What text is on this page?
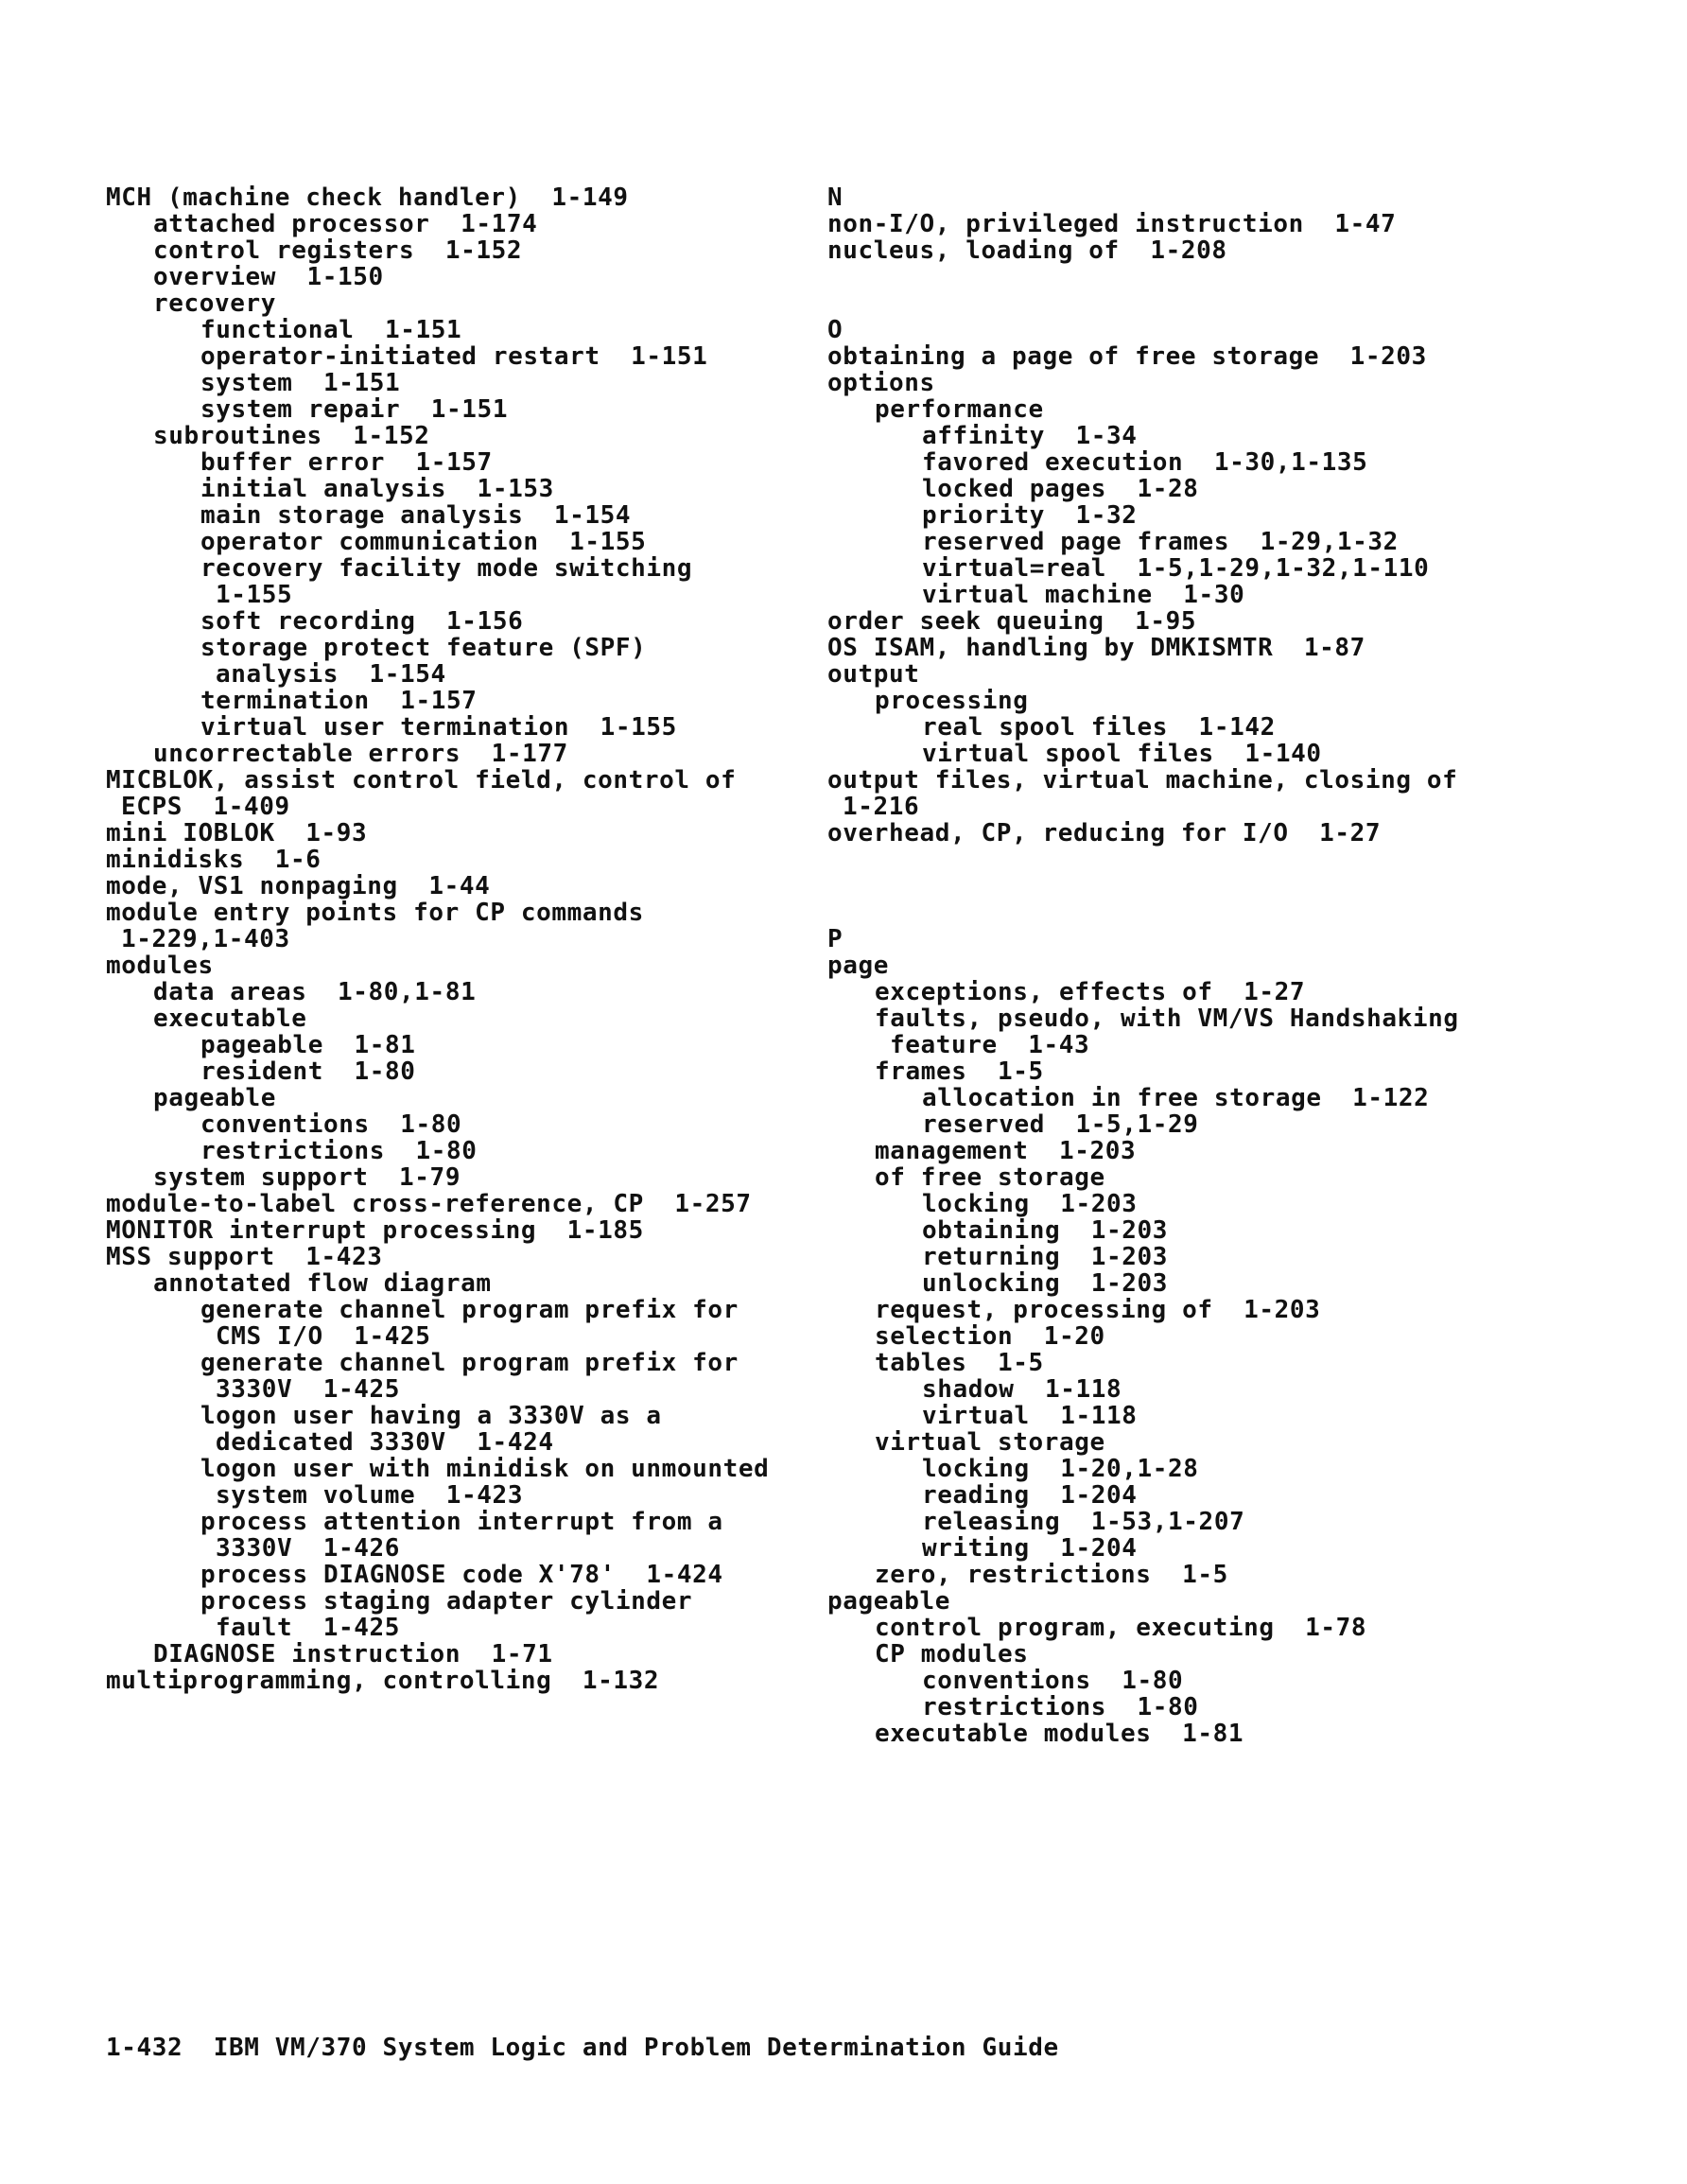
MCH (machine check handler)  1-149
attached processor  1-174
control registers  1-152
overview  1-150
recovery
functional  1-151
operator-initiated restart  1-151
system  1-151
system repair  1-151
subroutines  1-152
buffer error  1-157
initial analysis  1-153
main storage analysis  1-154
operator communication  1-155
recovery facility mode switching
1-155
soft recording  1-156
storage protect feature (SPF)
analysis  1-154
termination  1-157
virtual user termination  1-155
uncorrectable errors  1-177
MICBLOK, assist control field, control of
ECPS  1-409
mini IOBLOK  1-93
minidisks  1-6
mode, VS1 nonpaging  1-44
module entry points for CP commands
1-229,1-403
modules
data areas  1-80,1-81
executable
pageable  1-81
resident  1-80
pageable
conventions  1-80
restrictions  1-80
system support  1-79
module-to-label cross-reference, CP  1-257
MONITOR interrupt processing  1-185
MSS support  1-423
annotated flow diagram
generate channel program prefix for
CMS I/O  1-425
generate channel program prefix for
3330V  1-425
logon user having a 3330V as a
dedicated 3330V  1-424
logon user with minidisk on unmounted
system volume  1-423
process attention interrupt from a
3330V  1-426
process DIAGNOSE code X'78'  1-424
process staging adapter cylinder
fault  1-425
DIAGNOSE instruction  1-71
multiprogramming, controlling  1-132
N
non-I/O, privileged instruction  1-47
nucleus, loading of  1-208
O
obtaining a page of free storage  1-203
options
performance
affinity  1-34
favored execution  1-30,1-135
locked pages  1-28
priority  1-32
reserved page frames  1-29,1-32
virtual=real  1-5,1-29,1-32,1-110
virtual machine  1-30
order seek queuing  1-95
OS ISAM, handling by DMKISMTR  1-87
output
processing
real spool files  1-142
virtual spool files  1-140
output files, virtual machine, closing of
1-216
overhead, CP, reducing for I/O  1-27
P
page
exceptions, effects of  1-27
faults, pseudo, with VM/VS Handshaking
feature  1-43
frames  1-5
allocation in free storage  1-122
reserved  1-5,1-29
management  1-203
of free storage
locking  1-203
obtaining  1-203
returning  1-203
unlocking  1-203
request, processing of  1-203
selection  1-20
tables  1-5
shadow  1-118
virtual  1-118
virtual storage
locking  1-20,1-28
reading  1-204
releasing  1-53,1-207
writing  1-204
zero, restrictions  1-5
pageable
control program, executing  1-78
CP modules
conventions  1-80
restrictions  1-80
executable modules  1-81
1-432  IBM VM/370 System Logic and Problem Determination Guide
